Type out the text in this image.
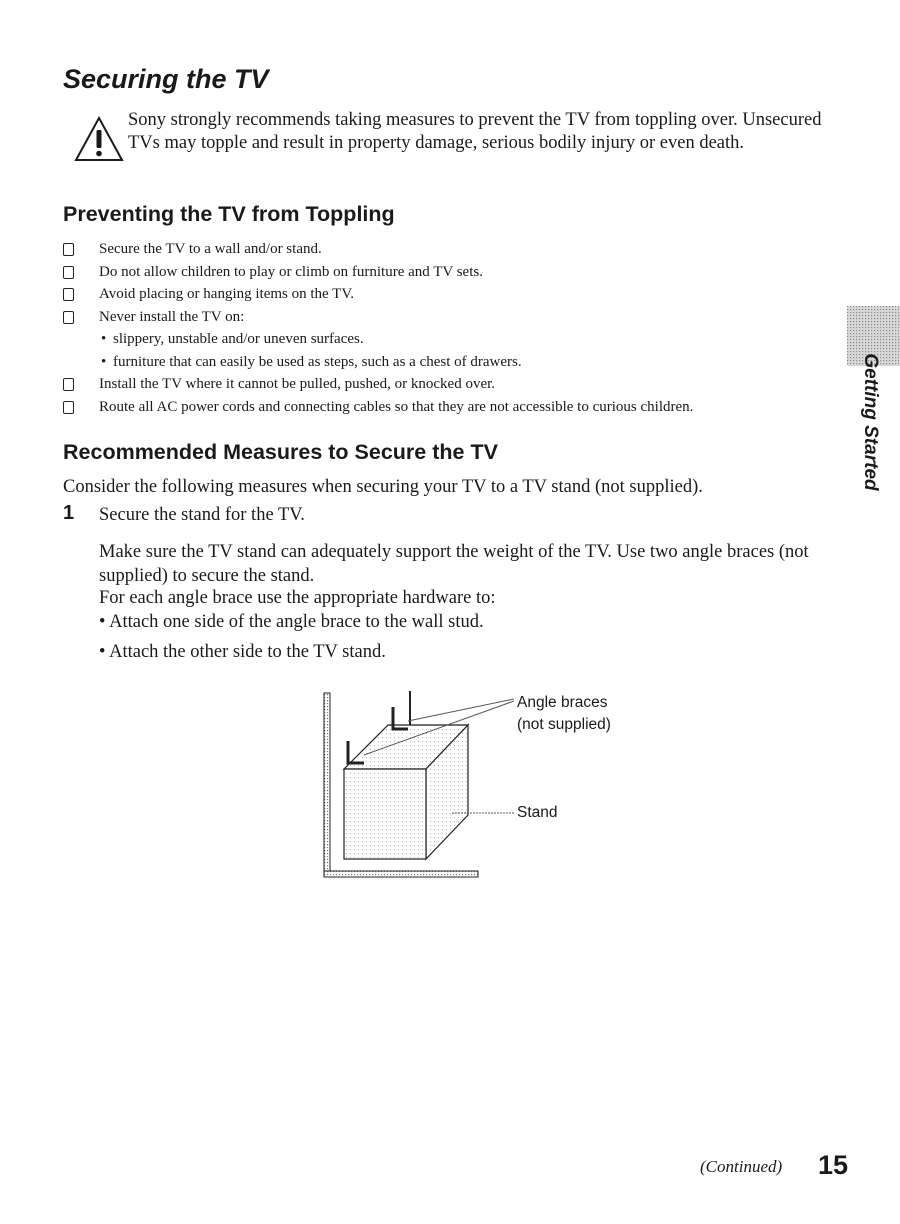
Securing the TV

Sony strongly recommends taking measures to prevent the TV from toppling over. Unsecured TVs may topple and result in property damage, serious bodily injury or even death.

Preventing the TV from Toppling
Secure the TV to a wall and/or stand.
Do not allow children to play or climb on furniture and TV sets.
Avoid placing or hanging items on the TV.
Never install the TV on:
• slippery, unstable and/or uneven surfaces.
• furniture that can easily be used as steps, such as a chest of drawers.
Install the TV where it cannot be pulled, pushed, or knocked over.
Route all AC power cords and connecting cables so that they are not accessible to curious children.
Recommended Measures to Secure the TV

Consider the following measures when securing your TV to a TV stand (not supplied).

1 Secure the stand for the TV.

Make sure the TV stand can adequately support the weight of the TV. Use two angle braces (not supplied) to secure the stand.

For each angle brace use the appropriate hardware to:

• Attach one side of the angle brace to the wall stud.
• Attach the other side to the TV stand.
Angle braces
(not supplied)
Stand
Getting Started
(Continued) 15
